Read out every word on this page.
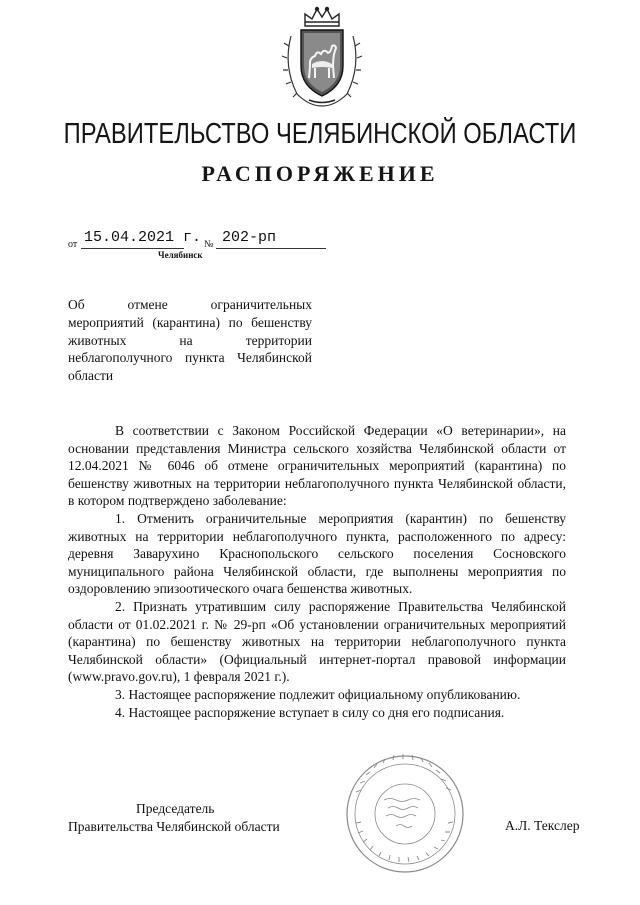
ПРАВИТЕЛЬСТВО ЧЕЛЯБИНСКОЙ ОБЛАСТИ
РАСПОРЯЖЕНИЕ
от 15.04.2021 г. № 202-рп
Челябинск
Об отмене ограничительных мероприятий (карантина) по бешенству животных на территории неблагополучного пункта Челябинской области

В соответствии с Законом Российской Федерации «О ветеринарии», на основании представления Министра сельского хозяйства Челябинской области от 12.04.2021 № 6046 об отмене ограничительных мероприятий (карантина) по бешенству животных на территории неблагополучного пункта Челябинской области, в котором подтверждено заболевание:

1. Отменить ограничительные мероприятия (карантин) по бешенству животных на территории неблагополучного пункта, расположенного по адресу: деревня Заварухино Краснопольского сельского поселения Сосновского муниципального района Челябинской области, где выполнены мероприятия по оздоровлению эпизоотического очага бешенства животных.

2. Признать утратившим силу распоряжение Правительства Челябинской области от 01.02.2021 г. № 29-рп «Об установлении ограничительных мероприятий (карантина) по бешенству животных на территории неблагополучного пункта Челябинской области» (Официальный интернет-портал правовой информации (www.pravo.gov.ru), 1 февраля 2021 г.).

3. Настоящее распоряжение подлежит официальному опубликованию.

4. Настоящее распоряжение вступает в силу со дня его подписания.

Председатель
Правительства Челябинской области	А.Л. Текслер
